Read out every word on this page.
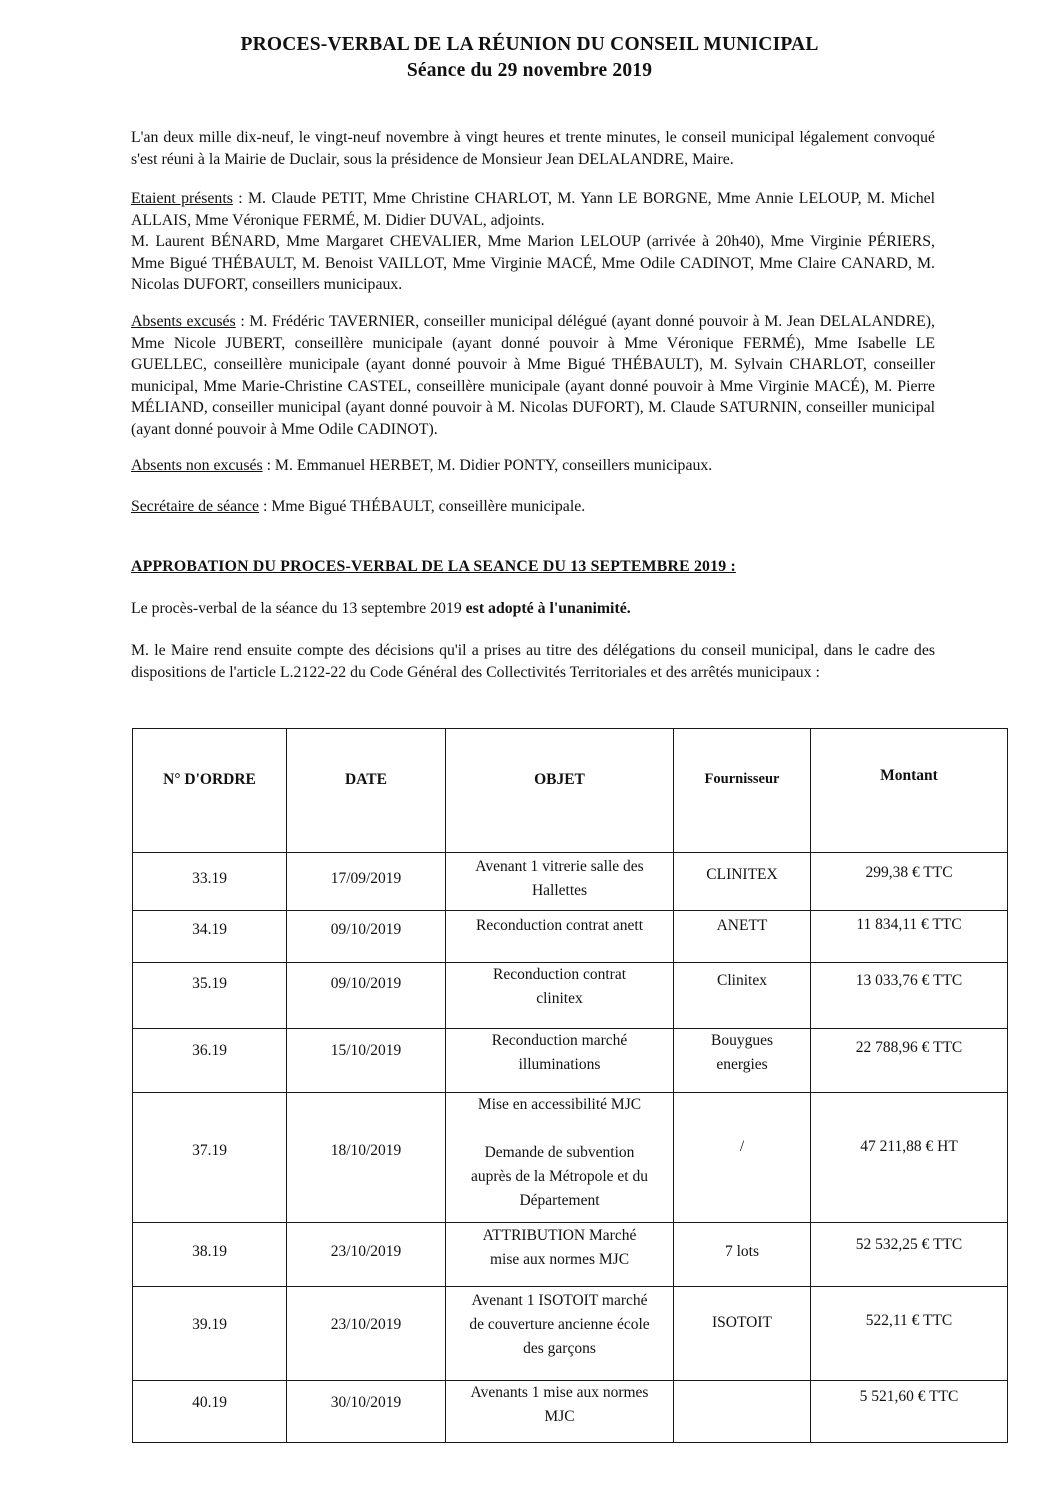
PROCES-VERBAL DE LA RÉUNION DU CONSEIL MUNICIPAL
Séance du 29 novembre 2019
L'an deux mille dix-neuf, le vingt-neuf novembre à vingt heures et trente minutes, le conseil municipal légalement convoqué s'est réuni à la Mairie de Duclair, sous la présidence de Monsieur Jean DELALANDRE, Maire.
Etaient présents : M. Claude PETIT, Mme Christine CHARLOT, M. Yann LE BORGNE, Mme Annie LELOUP, M. Michel ALLAIS, Mme Véronique FERMÉ, M. Didier DUVAL, adjoints.
M. Laurent BÉNARD, Mme Margaret CHEVALIER, Mme Marion LELOUP (arrivée à 20h40), Mme Virginie PÉRIERS, Mme Bigué THÉBAULT, M. Benoist VAILLOT, Mme Virginie MACÉ, Mme Odile CADINOT, Mme Claire CANARD, M. Nicolas DUFORT, conseillers municipaux.
Absents excusés : M. Frédéric TAVERNIER, conseiller municipal délégué (ayant donné pouvoir à M. Jean DELALANDRE), Mme Nicole JUBERT, conseillère municipale (ayant donné pouvoir à Mme Véronique FERMÉ), Mme Isabelle LE GUELLEC, conseillère municipale (ayant donné pouvoir à Mme Bigué THÉBAULT), M. Sylvain CHARLOT, conseiller municipal, Mme Marie-Christine CASTEL, conseillère municipale (ayant donné pouvoir à Mme Virginie MACÉ), M. Pierre MÉLIAND, conseiller municipal (ayant donné pouvoir à M. Nicolas DUFORT), M. Claude SATURNIN, conseiller municipal (ayant donné pouvoir à Mme Odile CADINOT).
Absents non excusés : M. Emmanuel HERBET, M. Didier PONTY, conseillers municipaux.
Secrétaire de séance : Mme Bigué THÉBAULT, conseillère municipale.
APPROBATION DU PROCES-VERBAL DE LA SEANCE DU 13 SEPTEMBRE 2019 :
Le procès-verbal de la séance du 13 septembre 2019 est adopté à l'unanimité.
M. le Maire rend ensuite compte des décisions qu'il a prises au titre des délégations du conseil municipal, dans le cadre des dispositions de l'article L.2122-22 du Code Général des Collectivités Territoriales et des arrêtés municipaux :
N° D'ORDRE	DATE	OBJET	Fournisseur	Montant
33.19	17/09/2019	Avenant 1 vitrerie salle des
Hallettes	CLINITEX	299,38 € TTC
34.19	09/10/2019	Reconduction contrat anett	ANETT	11 834,11 € TTC
35.19	09/10/2019	Reconduction contrat
clinitex	Clinitex	13 033,76 € TTC
36.19	15/10/2019	Reconduction marché
illuminations	Bouygues
energies	22 788,96 € TTC
37.19	18/10/2019	Mise en accessibilité MJC

Demande de subvention
auprès de la Métropole et du
Département	/	47 211,88 € HT
38.19	23/10/2019	ATTRIBUTION Marché
mise aux normes MJC	7 lots	52 532,25 € TTC
39.19	23/10/2019	Avenant 1 ISOTOIT marché
de couverture ancienne école
des garçons	ISOTOIT	522,11 € TTC
40.19	30/10/2019	Avenants 1 mise aux normes
MJC		5 521,60 € TTC
